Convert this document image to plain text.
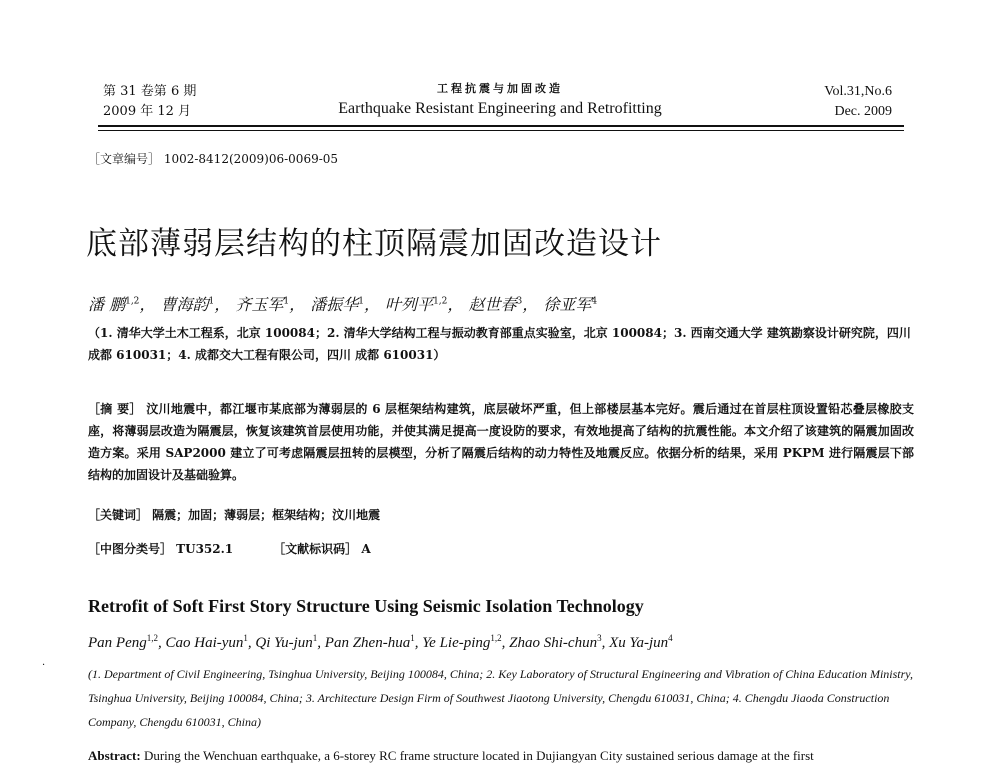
第 31 卷第 6 期
2009 年 12 月
工程抗震与加固改造
Earthquake Resistant Engineering and Retrofitting
Vol.31,No.6
Dec. 2009
［文章编号］ 1002-8412(2009)06-0069-05
底部薄弱层结构的柱顶隔震加固改造设计
潘 鹏$^{1,2}$， 曹海韵$^1$， 齐玉军$^1$， 潘振华$^1$， 叶列平$^{1,2}$， 赵世春$^3$， 徐亚军$^4$
（1. 清华大学土木工程系，北京 100084；2. 清华大学结构工程与振动教育部重点实验室，北京 100084；3. 西南交通大学 建筑勘察设计研究院，四川 成都 610031；4. 成都交大工程有限公司，四川 成都 610031）
［摘 要］ 汶川地震中，都江堰市某底部为薄弱层的 6 层框架结构建筑，底层破坏严重，但上部楼层基本完好。震后通过在首层柱顶设置铅芯叠层橡胶支座，将薄弱层改造为隔震层，恢复该建筑首层使用功能，并使其满足提高一度设防的要求，有效地提高了结构的抗震性能。本文介绍了该建筑的隔震加固改造方案。采用 SAP2000 建立了可考虑隔震层扭转的层模型，分析了隔震后结构的动力特性及地震反应。依据分析的结果，采用 PKPM 进行隔震层下部结构的加固设计及基础验算。
［关键词］ 隔震；加固；薄弱层；框架结构；汶川地震
［中图分类号］ TU352.1	［文献标识码］ A
Retrofit of Soft First Story Structure Using Seismic Isolation Technology
Pan Peng$^{1,2}$, Cao Hai-yun$^1$, Qi Yu-jun$^1$, Pan Zhen-hua$^1$, Ye Lie-ping$^{1,2}$, Zhao Shi-chun$^3$, Xu Ya-jun$^4$
(1. Department of Civil Engineering, Tsinghua University, Beijing 100084, China; 2. Key Laboratory of Structural Engineering and Vibration of China Education Ministry, Tsinghua University, Beijing 100084, China; 3. Architecture Design Firm of Southwest Jiaotong University, Chengdu 610031, China; 4. Chengdu Jiaoda Construction Company, Chengdu 610031, China)
Abstract: During the Wenchuan earthquake, a 6-storey RC frame structure located in Dujiangyan City sustained serious damage at the first
·
